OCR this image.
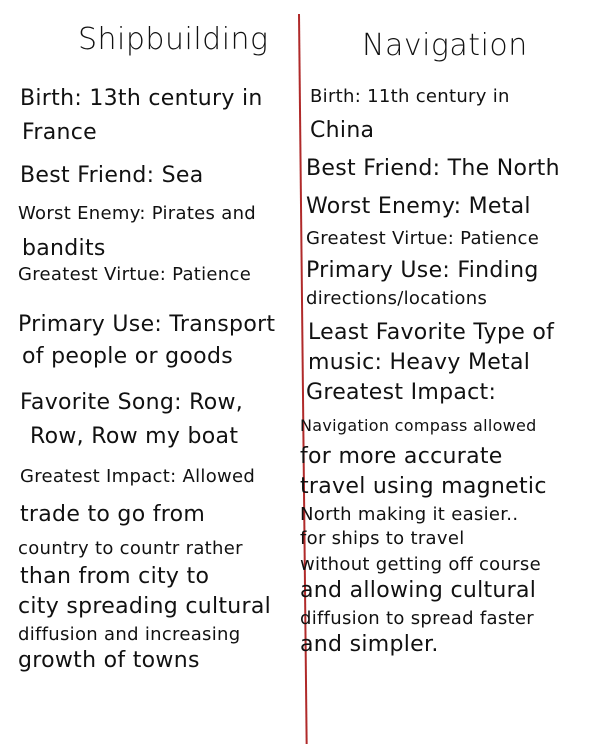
Shipbuilding
Birth: 13th century in
France
Best Friend: Sea
Worst Enemy: Pirates and
bandits
Greatest Virtue: Patience
Primary Use: Transport
of people or goods
Favorite Song: Row,
Row, Row my boat
Greatest Impact: Allowed
trade to go from
country to countr rather
than from city to
city spreading cultural
diffusion and increasing
growth of towns
Navigation
Birth: 11th century in
China
Best Friend: The North
Worst Enemy: Metal
Greatest Virtue: Patience
Primary Use: Finding
directions/locations
Least Favorite Type of
music: Heavy Metal
Greatest Impact:
Navigation compass allowed
for more accurate
travel using magnetic
North making it easier..
for ships to travel
without getting off course
and allowing cultural
diffusion to spread faster
and simpler.
